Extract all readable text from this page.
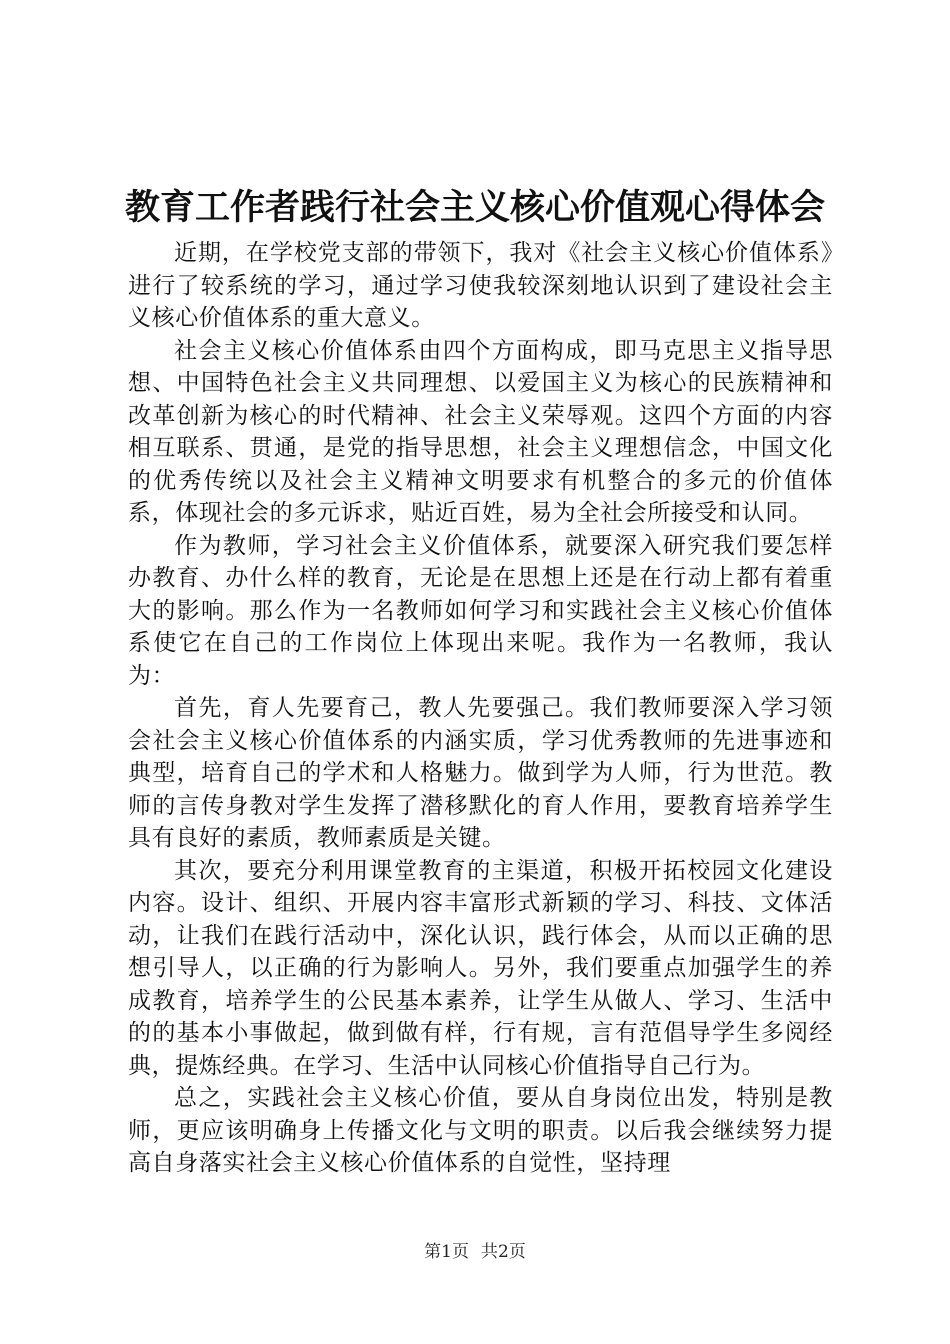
教育工作者践行社会主义核心价值观心得体会

近期，在学校党支部的带领下，我对《社会主义核心价值体系》进行了较系统的学习，通过学习使我较深刻地认识到了建设社会主义核心价值体系的重大意义。

社会主义核心价值体系由四个方面构成，即马克思主义指导思想、中国特色社会主义共同理想、以爱国主义为核心的民族精神和改革创新为核心的时代精神、社会主义荣辱观。这四个方面的内容相互联系、贯通，是党的指导思想，社会主义理想信念，中国文化的优秀传统以及社会主义精神文明要求有机整合的多元的价值体系，体现社会的多元诉求，贴近百姓，易为全社会所接受和认同。

作为教师，学习社会主义价值体系，就要深入研究我们要怎样办教育、办什么样的教育，无论是在思想上还是在行动上都有着重大的影响。那么作为一名教师如何学习和实践社会主义核心价值体系使它在自己的工作岗位上体现出来呢。我作为一名教师，我认为：

首先，育人先要育己，教人先要强己。我们教师要深入学习领会社会主义核心价值体系的内涵实质，学习优秀教师的先进事迹和典型，培育自己的学术和人格魅力。做到学为人师，行为世范。教师的言传身教对学生发挥了潜移默化的育人作用，要教育培养学生具有良好的素质，教师素质是关键。

其次，要充分利用课堂教育的主渠道，积极开拓校园文化建设内容。设计、组织、开展内容丰富形式新颖的学习、科技、文体活动，让我们在践行活动中，深化认识，践行体会，从而以正确的思想引导人，以正确的行为影响人。另外，我们要重点加强学生的养成教育，培养学生的公民基本素养，让学生从做人、学习、生活中的的基本小事做起，做到做有样，行有规，言有范倡导学生多阅经典，提炼经典。在学习、生活中认同核心价值指导自己行为。

总之，实践社会主义核心价值，要从自身岗位出发，特别是教师，更应该明确身上传播文化与文明的职责。以后我会继续努力提高自身落实社会主义核心价值体系的自觉性，坚持理

第1页 共2页
